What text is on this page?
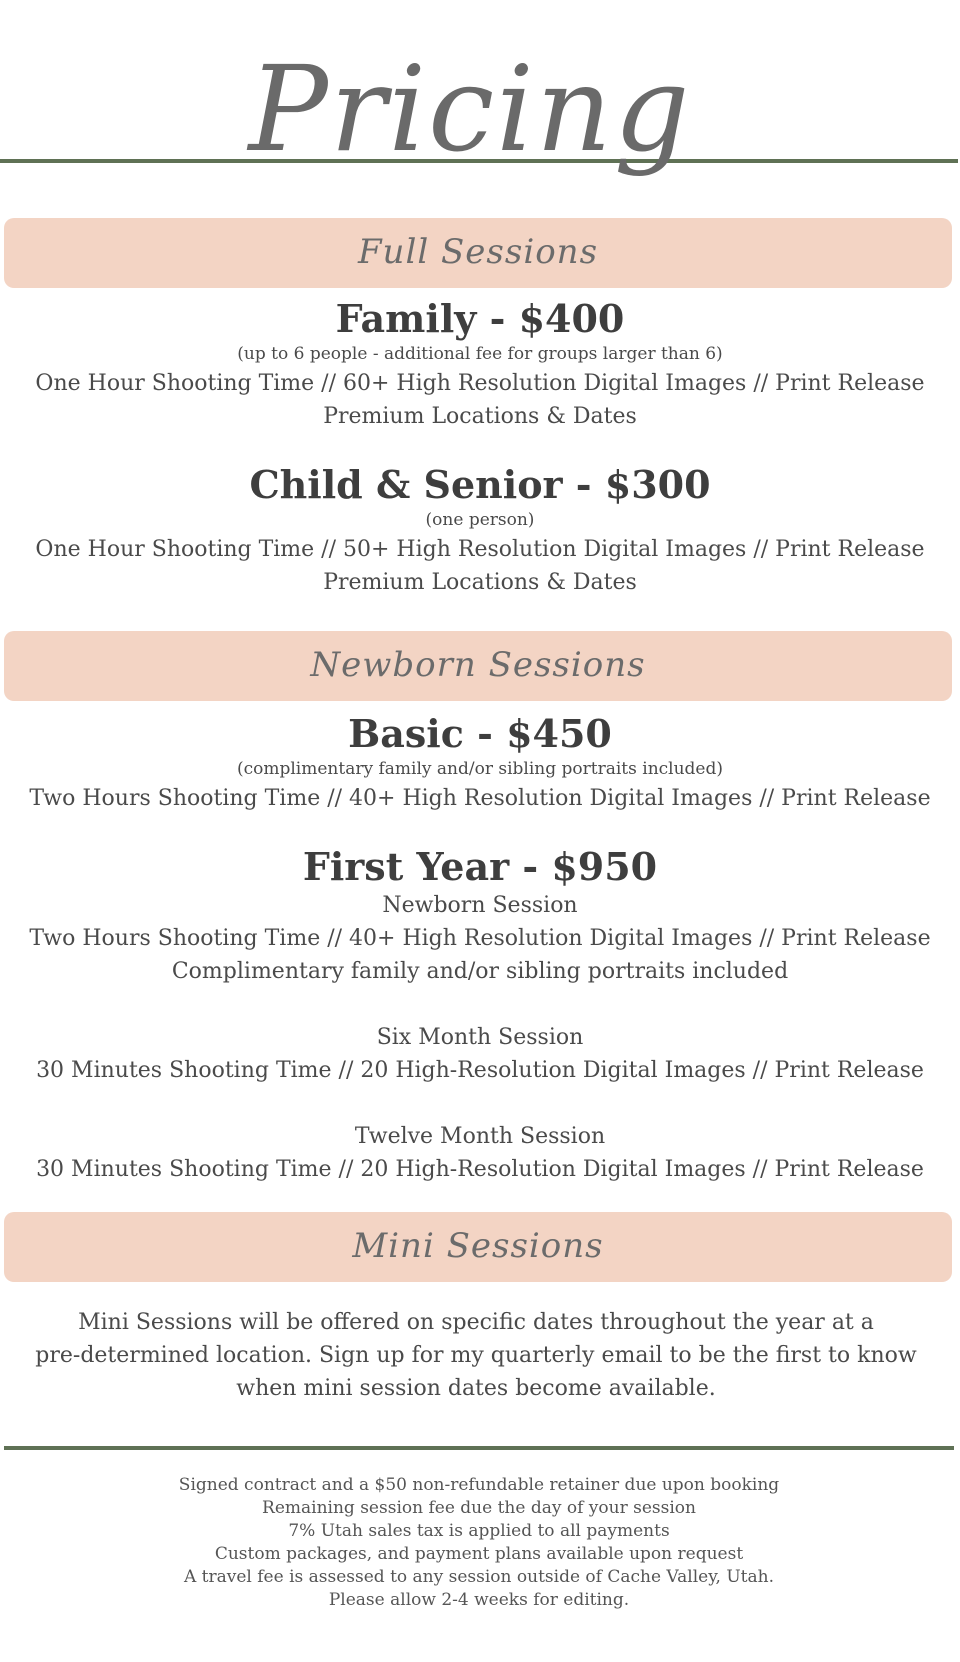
Pricing
Full Sessions
Family - $400
(up to 6 people - additional fee for groups larger than 6)
One Hour Shooting Time // 60+ High Resolution Digital Images // Print Release
Premium Locations & Dates
Child & Senior - $300
(one person)
One Hour Shooting Time // 50+ High Resolution Digital Images // Print Release
Premium Locations & Dates
Newborn Sessions
Basic - $450
(complimentary family and/or sibling portraits included)
Two Hours Shooting Time // 40+ High Resolution Digital Images // Print Release
First Year - $950
Newborn Session
Two Hours Shooting Time // 40+ High Resolution Digital Images // Print Release
Complimentary family and/or sibling portraits included
Six Month Session
30 Minutes Shooting Time // 20 High-Resolution Digital Images // Print Release
Twelve Month Session
30 Minutes Shooting Time // 20 High-Resolution Digital Images // Print Release
Mini Sessions
Mini Sessions will be offered on specific dates throughout the year at a
pre-determined location. Sign up for my quarterly email to be the first to know
when mini session dates become available.
Signed contract and a $50 non-refundable retainer due upon booking
Remaining session fee due the day of your session
7% Utah sales tax is applied to all payments
Custom packages, and payment plans available upon request
A travel fee is assessed to any session outside of Cache Valley, Utah.
Please allow 2-4 weeks for editing.
